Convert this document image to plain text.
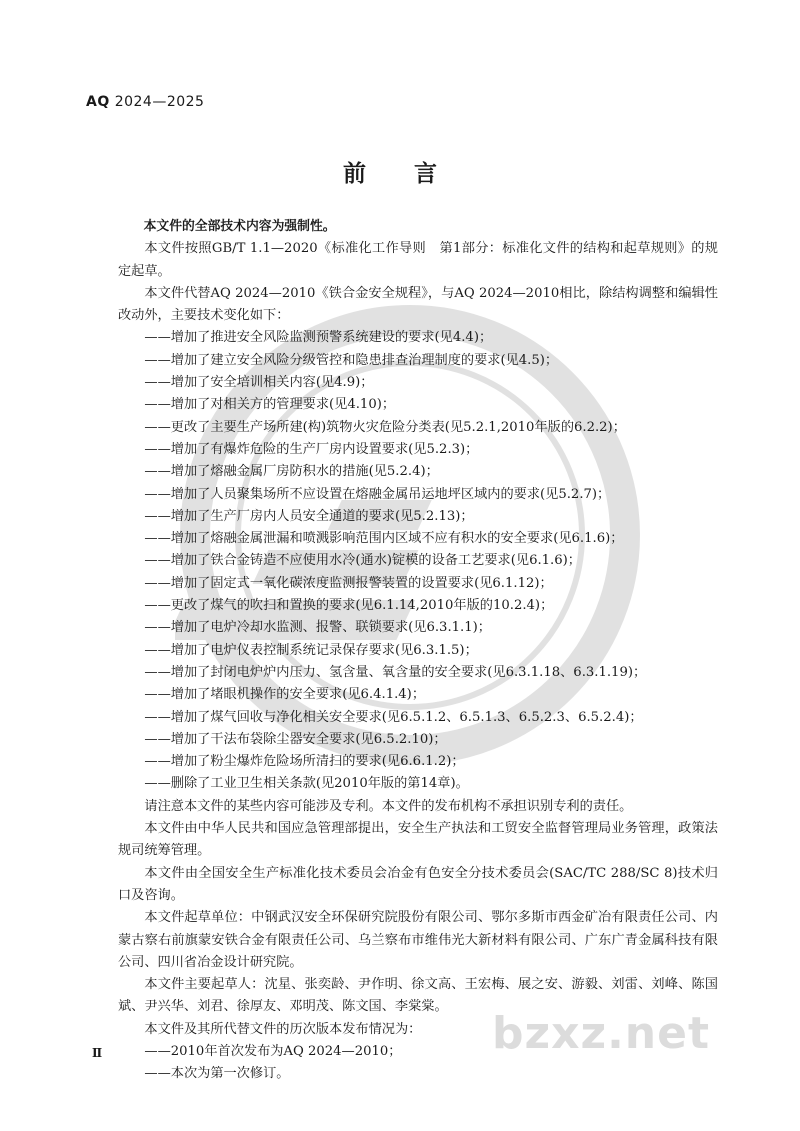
AQ 2024—2025
前 言

本文件的全部技术内容为强制性。

本文件按照GB/T 1.1—2020《标准化工作导则　第1部分：标准化文件的结构和起草规则》的规定起草。

本文件代替AQ 2024—2010《铁合金安全规程》，与AQ 2024—2010相比，除结构调整和编辑性改动外，主要技术变化如下：

——增加了推进安全风险监测预警系统建设的要求(见4.4)；

——增加了建立安全风险分级管控和隐患排查治理制度的要求(见4.5)；

——增加了安全培训相关内容(见4.9)；

——增加了对相关方的管理要求(见4.10)；

——更改了主要生产场所建(构)筑物火灾危险分类表(见5.2.1,2010年版的6.2.2)；

——增加了有爆炸危险的生产厂房内设置要求(见5.2.3)；

——增加了熔融金属厂房防积水的措施(见5.2.4)；

——增加了人员聚集场所不应设置在熔融金属吊运地坪区域内的要求(见5.2.7)；

——增加了生产厂房内人员安全通道的要求(见5.2.13)；

——增加了熔融金属泄漏和喷溅影响范围内区域不应有积水的安全要求(见6.1.6)；

——增加了铁合金铸造不应使用水冷(通水)锭模的设备工艺要求(见6.1.6)；

——增加了固定式一氧化碳浓度监测报警装置的设置要求(见6.1.12)；

——更改了煤气的吹扫和置换的要求(见6.1.14,2010年版的10.2.4)；

——增加了电炉冷却水监测、报警、联锁要求(见6.3.1.1)；

——增加了电炉仪表控制系统记录保存要求(见6.3.1.5)；

——增加了封闭电炉炉内压力、氢含量、氧含量的安全要求(见6.3.1.18、6.3.1.19)；

——增加了堵眼机操作的安全要求(见6.4.1.4)；

——增加了煤气回收与净化相关安全要求(见6.5.1.2、6.5.1.3、6.5.2.3、6.5.2.4)；

——增加了干法布袋除尘器安全要求(见6.5.2.10)；

——增加了粉尘爆炸危险场所清扫的要求(见6.6.1.2)；

——删除了工业卫生相关条款(见2010年版的第14章)。

请注意本文件的某些内容可能涉及专利。本文件的发布机构不承担识别专利的责任。

本文件由中华人民共和国应急管理部提出，安全生产执法和工贸安全监督管理局业务管理，政策法规司统筹管理。

本文件由全国安全生产标准化技术委员会冶金有色安全分技术委员会(SAC/TC 288/SC 8)技术归口及咨询。

本文件起草单位：中钢武汉安全环保研究院股份有限公司、鄂尔多斯市西金矿冶有限责任公司、内蒙古察右前旗蒙安铁合金有限责任公司、乌兰察布市维伟光大新材料有限公司、广东广青金属科技有限公司、四川省冶金设计研究院。

本文件主要起草人：沈星、张奕龄、尹作明、徐文高、王宏梅、展之安、游毅、刘雷、刘峰、陈国斌、尹兴华、刘君、徐厚友、邓明茂、陈文国、李棠棠。

本文件及其所代替文件的历次版本发布情况为：

——2010年首次发布为AQ 2024—2010；

——本次为第一次修订。

bzxz.net
Ⅱ
